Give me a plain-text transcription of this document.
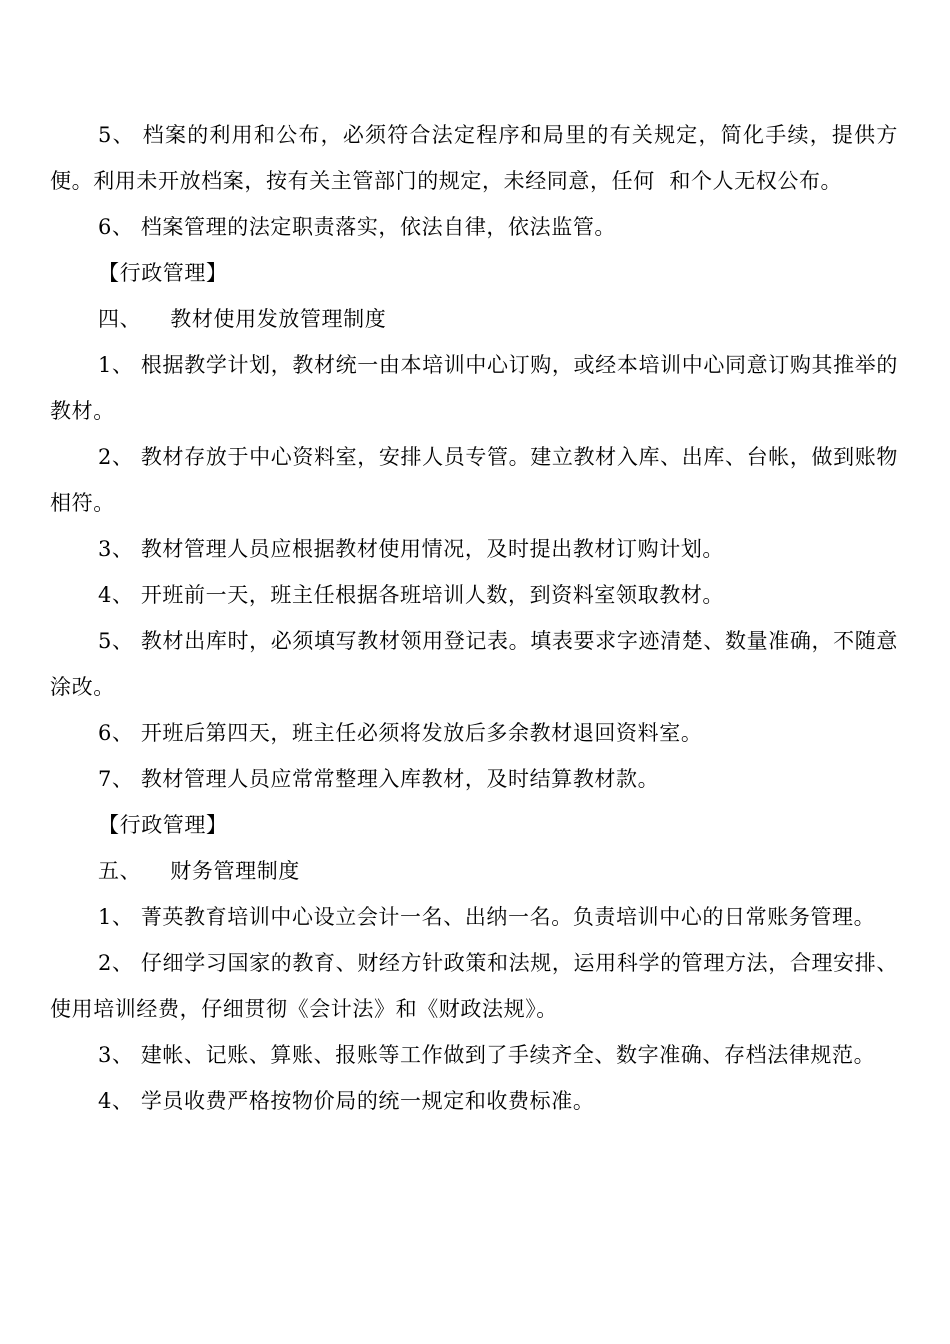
5、 档案的利用和公布，必须符合法定程序和局里的有关规定，简化手续，提供方便。利用未开放档案，按有关主管部门的规定，未经同意，任何  和个人无权公布。

6、 档案管理的法定职责落实，依法自律，依法监管。

【行政管理】

四、    教材使用发放管理制度

1、 根据教学计划，教材统一由本培训中心订购，或经本培训中心同意订购其推举的教材。

2、 教材存放于中心资料室，安排人员专管。建立教材入库、出库、台帐，做到账物相符。

3、 教材管理人员应根据教材使用情况，及时提出教材订购计划。

4、 开班前一天，班主任根据各班培训人数，到资料室领取教材。

5、 教材出库时，必须填写教材领用登记表。填表要求字迹清楚、数量准确，不随意涂改。

6、 开班后第四天，班主任必须将发放后多余教材退回资料室。

7、 教材管理人员应常常整理入库教材，及时结算教材款。

【行政管理】

五、    财务管理制度

1、 菁英教育培训中心设立会计一名、出纳一名。负责培训中心的日常账务管理。

2、 仔细学习国家的教育、财经方针政策和法规，运用科学的管理方法，合理安排、使用培训经费，仔细贯彻《会计法》和《财政法规》。

3、 建帐、记账、算账、报账等工作做到了手续齐全、数字准确、存档法律规范。

4、 学员收费严格按物价局的统一规定和收费标准。
